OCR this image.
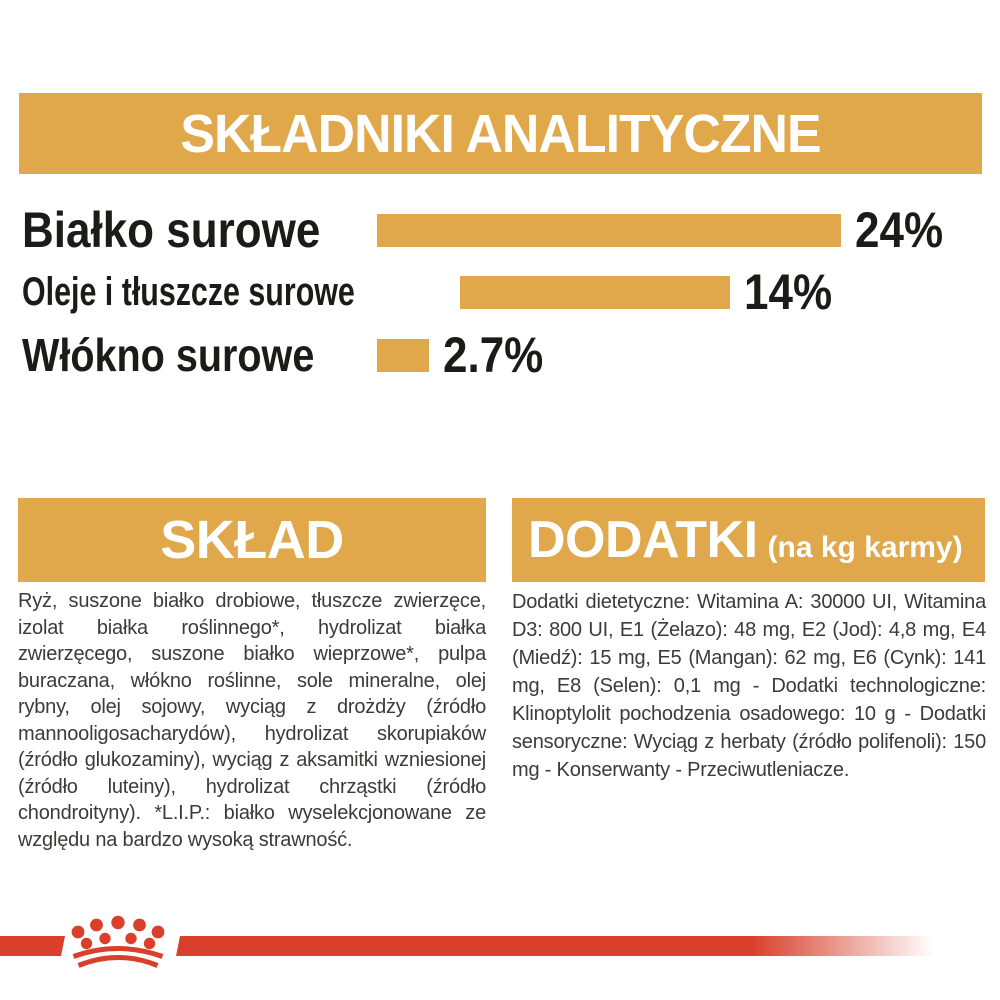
SKŁADNIKI ANALITYCZNE
Białko surowe	24%
Oleje i tłuszcze surowe	14%
Włókno surowe	2.7%
SKŁAD
Ryż, suszone białko drobiowe, tłuszcze zwierzęce, izolat białka roślinnego*, hydrolizat białka zwierzęcego, suszone białko wieprzowe*, pulpa buraczana, włókno roślinne, sole mineralne, olej rybny, olej sojowy, wyciąg z drożdży (źródło mannooligosacharydów), hydrolizat skorupiaków (źródło glukozaminy), wyciąg z aksamitki wzniesionej (źródło luteiny), hydrolizat chrząstki (źródło chondroityny). *L.I.P.: białko wyselekcjonowane ze względu na bardzo wysoką strawność.
DODATKI (na kg karmy)
Dodatki dietetyczne: Witamina A: 30000 UI, Witamina D3: 800 UI, E1 (Żelazo): 48 mg, E2 (Jod): 4,8 mg, E4 (Miedź): 15 mg, E5 (Mangan): 62 mg, E6 (Cynk): 141 mg, E8 (Selen): 0,1 mg - Dodatki technologiczne: Klinoptylolit pochodzenia osadowego: 10 g - Dodatki sensoryczne: Wyciąg z herbaty (źródło polifenoli): 150 mg - Konserwanty - Przeciwutleniacze.
